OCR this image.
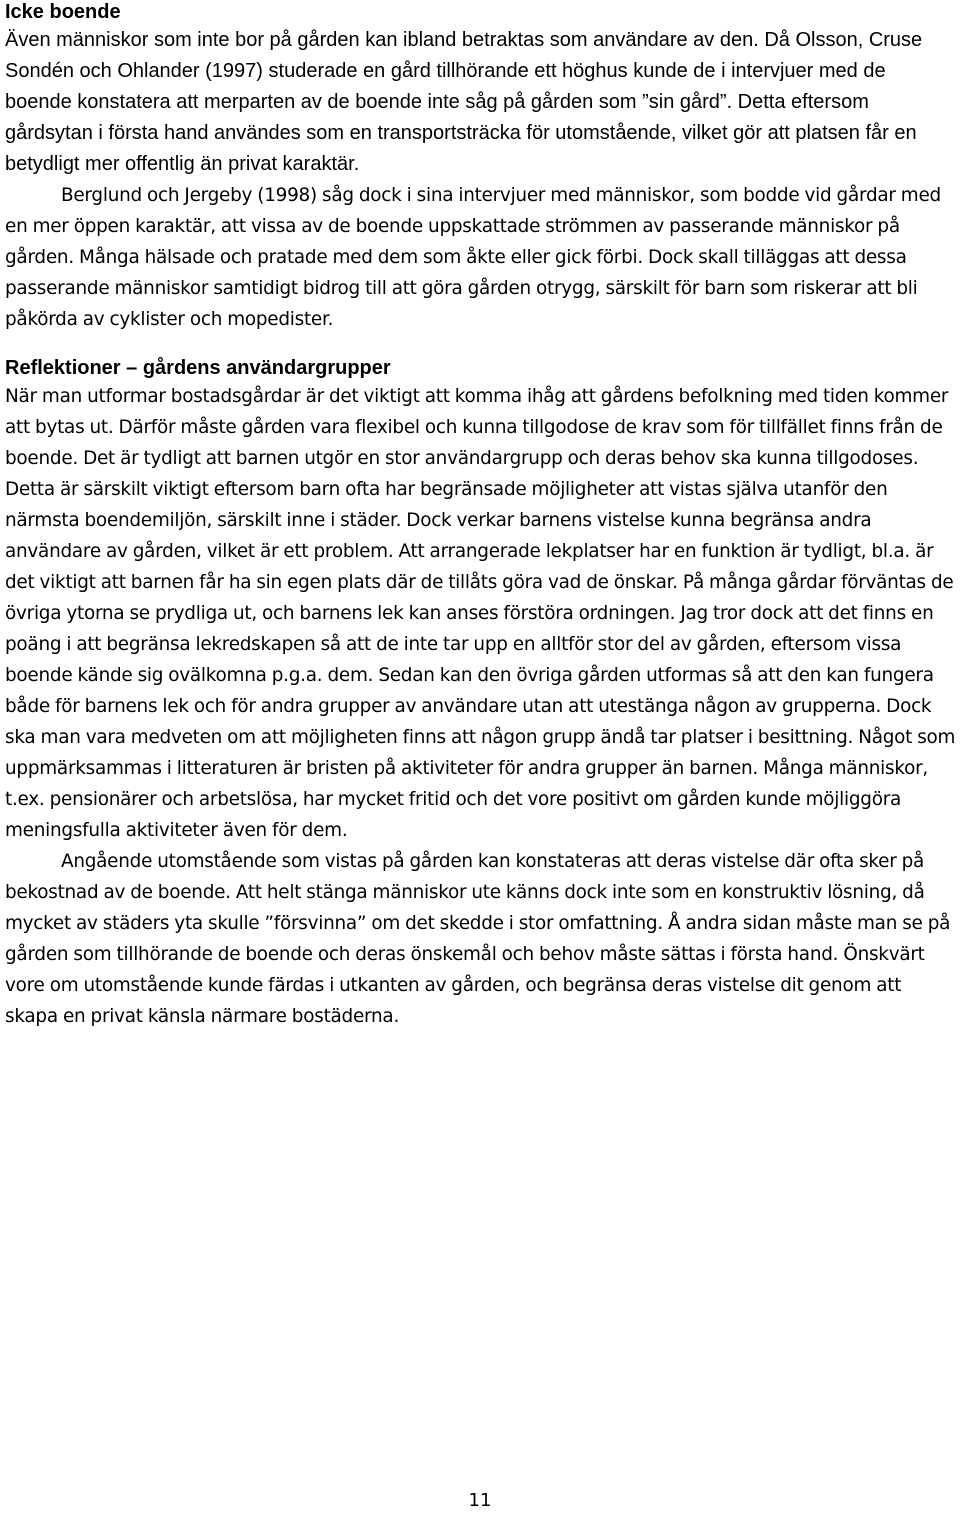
Icke boende

Även människor som inte bor på gården kan ibland betraktas som användare av den. Då Olsson, Cruse Sondén och Ohlander (1997) studerade en gård tillhörande ett höghus kunde de i intervjuer med de boende konstatera att merparten av de boende inte såg på gården som ”sin gård”. Detta eftersom gårdsytan i första hand användes som en transportsträcka för utomstående, vilket gör att platsen får en betydligt mer offentlig än privat karaktär.

Berglund och Jergeby (1998) såg dock i sina intervjuer med människor, som bodde vid gårdar med en mer öppen karaktär, att vissa av de boende uppskattade strömmen av passerande människor på gården. Många hälsade och pratade med dem som åkte eller gick förbi. Dock skall tilläggas att dessa passerande människor samtidigt bidrog till att göra gården otrygg, särskilt för barn som riskerar att bli påkörda av cyklister och mopedister.

Reflektioner – gårdens användargrupper

När man utformar bostadsgårdar är det viktigt att komma ihåg att gårdens befolkning med tiden kommer att bytas ut. Därför måste gården vara flexibel och kunna tillgodose de krav som för tillfället finns från de boende. Det är tydligt att barnen utgör en stor användargrupp och deras behov ska kunna tillgodoses. Detta är särskilt viktigt eftersom barn ofta har begränsade möjligheter att vistas själva utanför den närmsta boendemiljön, särskilt inne i städer. Dock verkar barnens vistelse kunna begränsa andra användare av gården, vilket är ett problem. Att arrangerade lekplatser har en funktion är tydligt, bl.a. är det viktigt att barnen får ha sin egen plats där de tillåts göra vad de önskar. På många gårdar förväntas de övriga ytorna se prydliga ut, och barnens lek kan anses förstöra ordningen. Jag tror dock att det finns en poäng i att begränsa lekredskapen så att de inte tar upp en alltför stor del av gården, eftersom vissa boende kände sig ovälkomna p.g.a. dem. Sedan kan den övriga gården utformas så att den kan fungera både för barnens lek och för andra grupper av användare utan att utestänga någon av grupperna. Dock ska man vara medveten om att möjligheten finns att någon grupp ändå tar platser i besittning. Något som uppmärksammas i litteraturen är bristen på aktiviteter för andra grupper än barnen. Många människor, t.ex. pensionärer och arbetslösa, har mycket fritid och det vore positivt om gården kunde möjliggöra meningsfulla aktiviteter även för dem.

Angående utomstående som vistas på gården kan konstateras att deras vistelse där ofta sker på bekostnad av de boende. Att helt stänga människor ute känns dock inte som en konstruktiv lösning, då mycket av städers yta skulle ”försvinna” om det skedde i stor omfattning. Å andra sidan måste man se på gården som tillhörande de boende och deras önskemål och behov måste sättas i första hand. Önskvärt vore om utomstående kunde färdas i utkanten av gården, och begränsa deras vistelse dit genom att skapa en privat känsla närmare bostäderna.

11
